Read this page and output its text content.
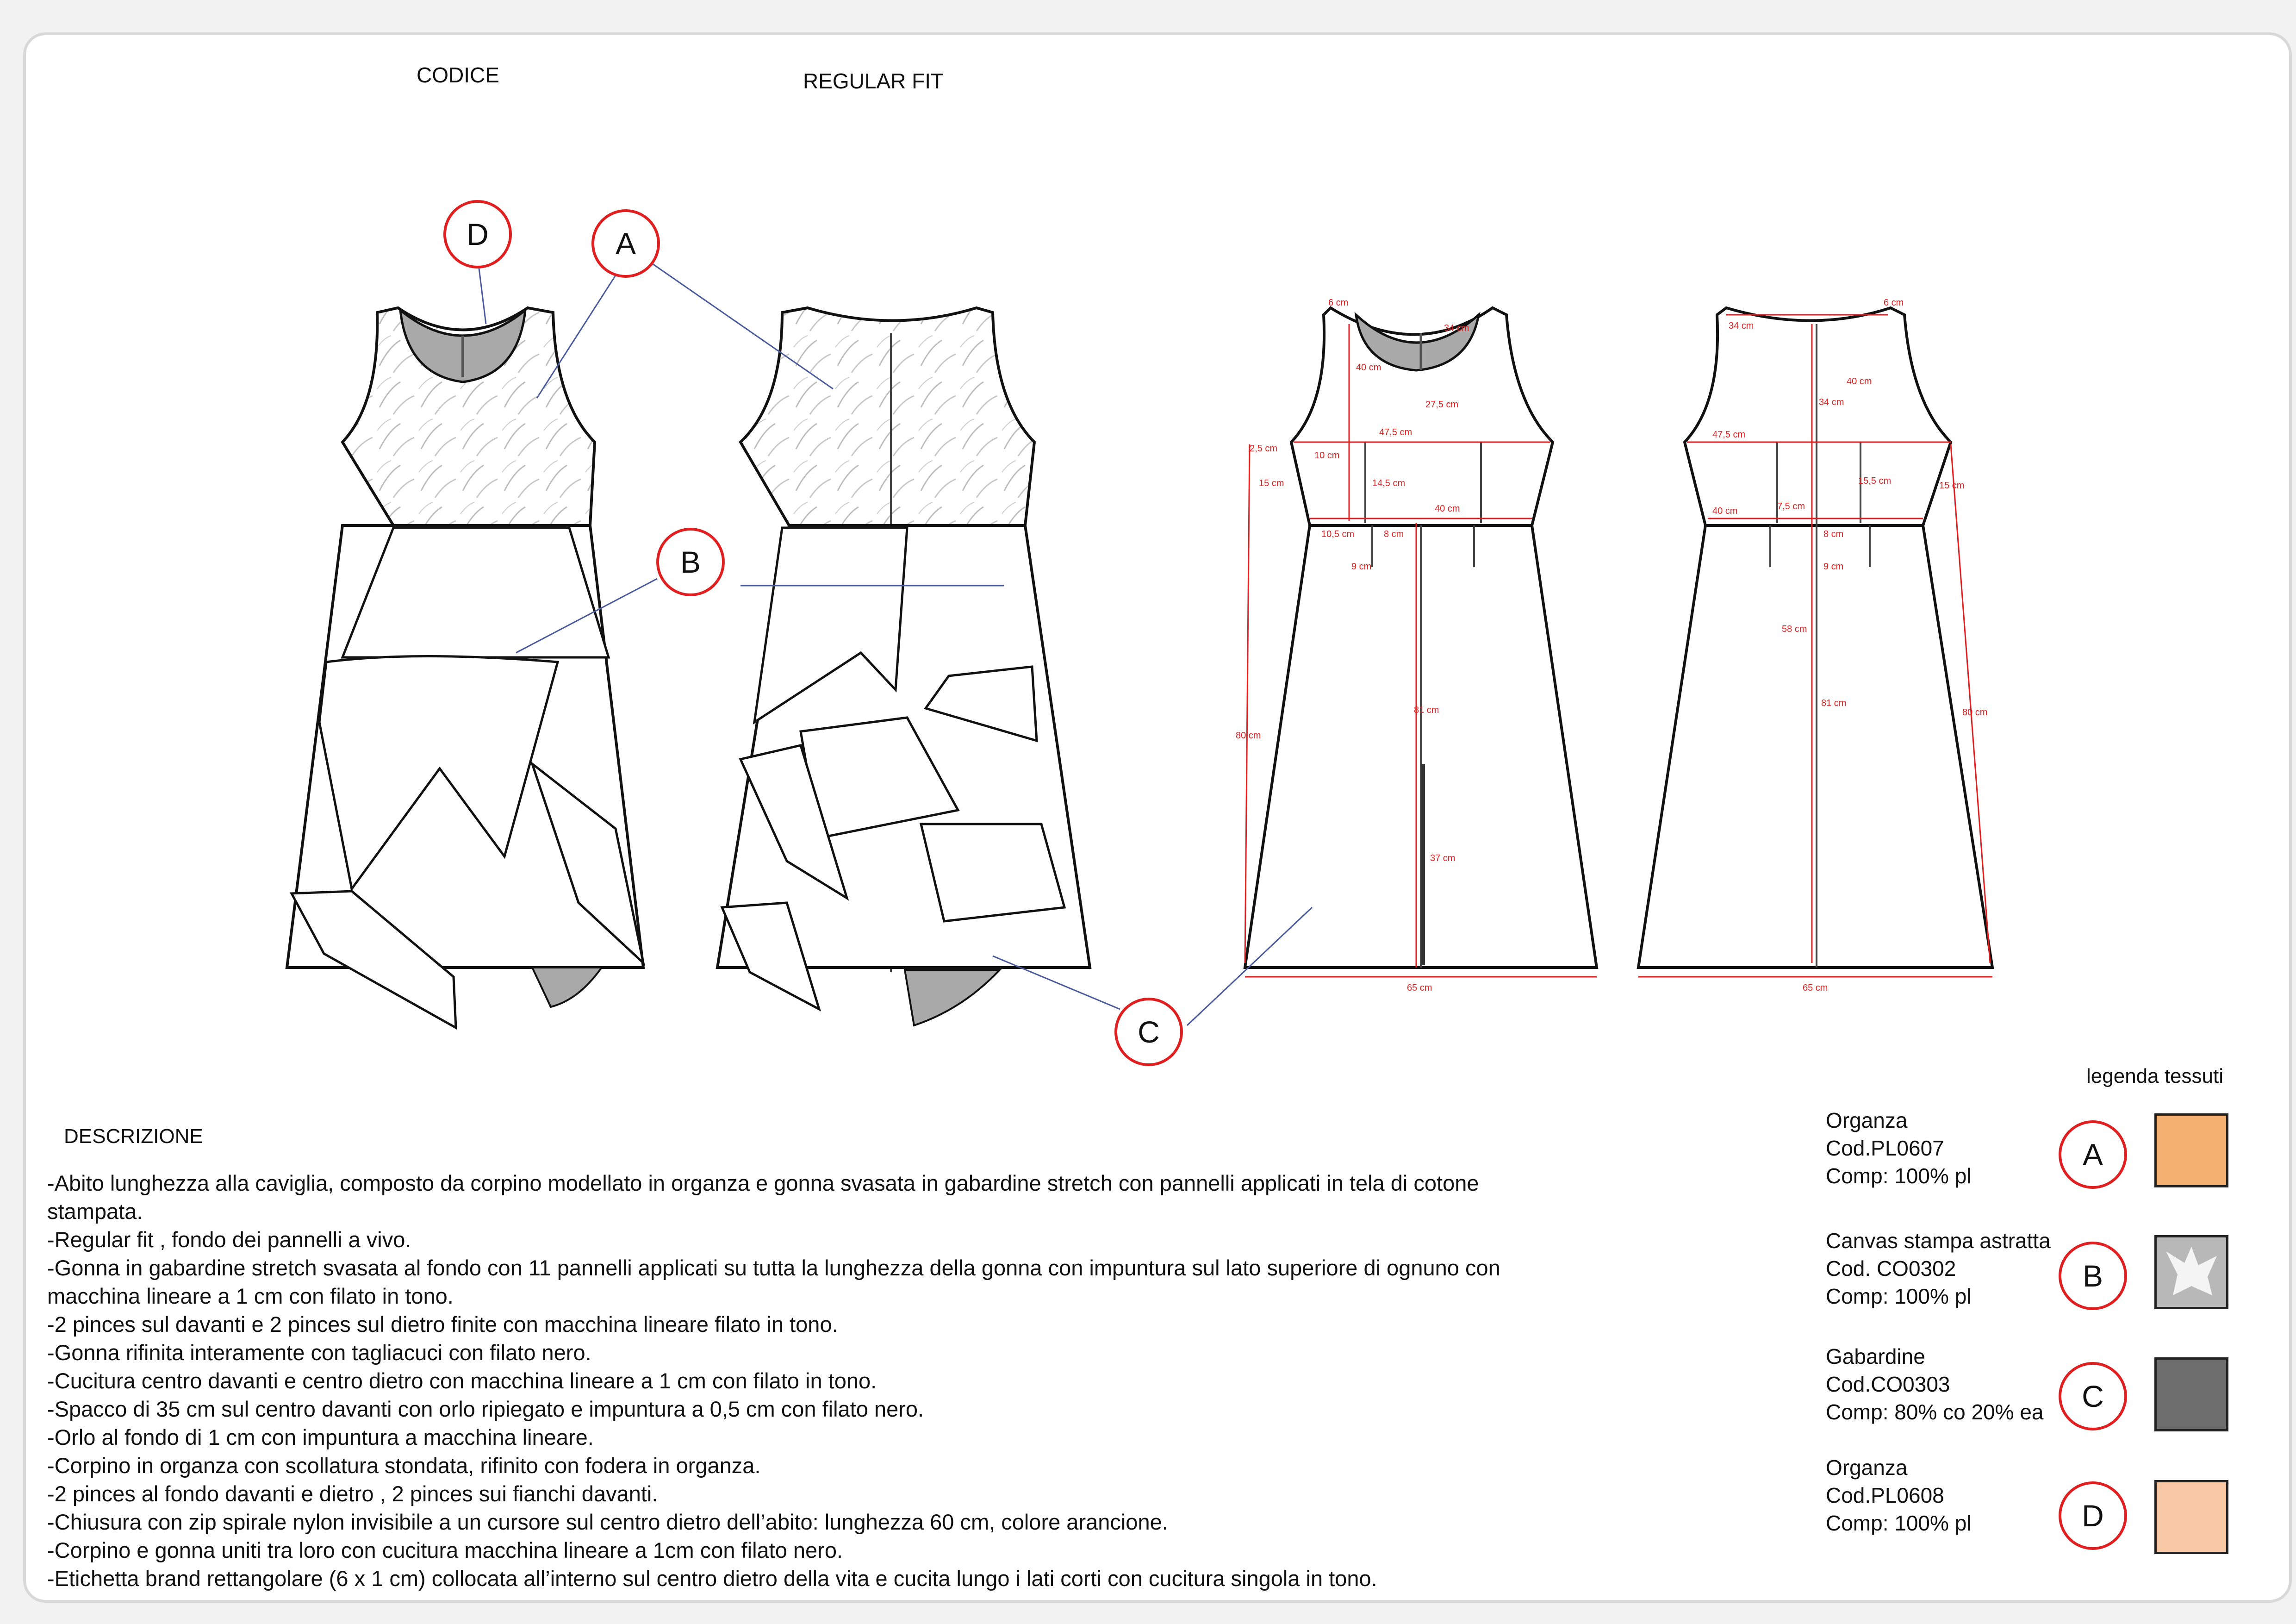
CODICE	REGULAR FIT
6 cm
34 cm
40 cm
27,5 cm
47,5 cm
2,5 cm
10 cm
15 cm	14,5 cm
40 cm
10,5 cm	8 cm
9 cm
80 cm
81 cm
37 cm
65 cm
34 cm
6 cm
40 cm
34 cm
47,5 cm
15,5 cm	15 cm
40 cm	7,5 cm
8 cm
9 cm
58 cm
81 cm
80 cm
65 cm
D	A
B
C
DESCRIZIONE

-Abito lunghezza alla caviglia, composto da corpino modellato in organza e gonna svasata in gabardine stretch con pannelli applicati in tela di cotone stampata.

-Regular fit , fondo dei pannelli a vivo.

-Gonna in gabardine stretch svasata al fondo con 11 pannelli applicati su tutta la lunghezza della gonna con impuntura sul lato superiore di ognuno con macchina lineare a 1 cm con filato in tono.

-2 pinces sul davanti e 2 pinces sul dietro finite con macchina lineare filato in tono.

-Gonna rifinita interamente con tagliacuci con filato nero.

-Cucitura centro davanti e centro dietro con macchina lineare a 1 cm con filato in tono.

-Spacco di 35 cm sul centro davanti con orlo ripiegato e impuntura a 0,5 cm con filato nero.

-Orlo al fondo di 1 cm con impuntura a macchina lineare.

-Corpino in organza con scollatura stondata, rifinito con fodera in organza.

-2 pinces al fondo davanti e dietro , 2 pinces sui fianchi davanti.

-Chiusura con zip spirale nylon invisibile a un cursore sul centro dietro dell’abito: lunghezza 60 cm, colore arancione.

-Corpino e gonna uniti tra loro con cucitura macchina lineare a 1cm con filato nero.

-Etichetta brand rettangolare (6 x 1 cm) collocata all’interno sul centro dietro della vita e cucita lungo i lati corti con cucitura singola in tono.

legenda tessuti
Organza
Cod.PL0607
Comp: 100% pl
A
Canvas stampa astratta
Cod. CO0302
Comp: 100% pl
B
Gabardine
Cod.CO0303
Comp: 80% co 20% ea	C
Organza
Cod.PL0608
Comp: 100% pl	D
